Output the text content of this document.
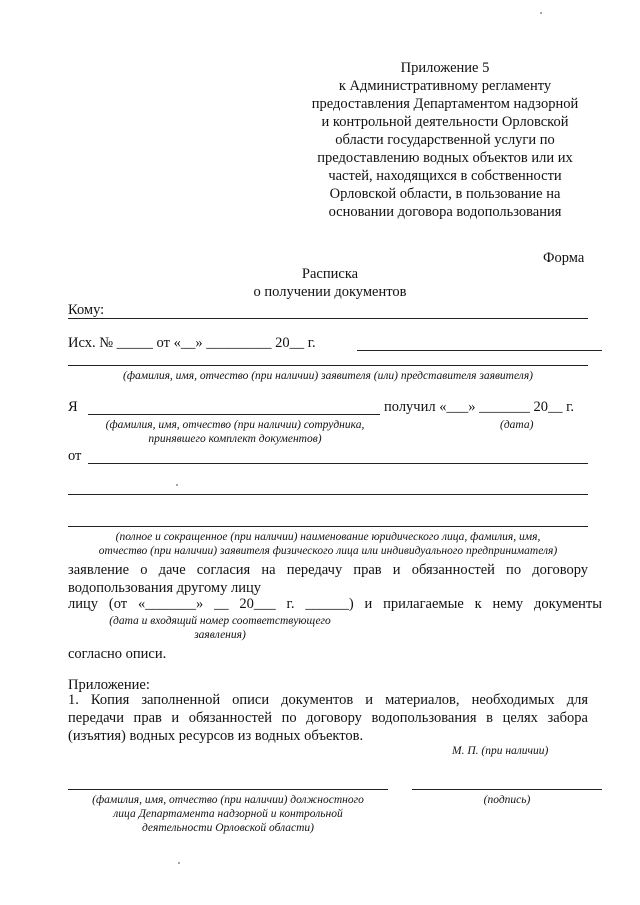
Приложение 5
к Административному регламенту
предоставления Департаментом надзорной
и контрольной деятельности Орловской
области государственной услуги по
предоставлению водных объектов или их
частей, находящихся в собственности
Орловской области, в пользование на
основании договора водопользования
Форма
Расписка
о получении документов
Кому:
Исх. № _____ от «__» _________ 20__ г.
(фамилия, имя, отчество (при наличии) заявителя (или) представителя заявителя)
Я	получил «___» _______ 20__ г.
(фамилия, имя, отчество (при наличии) сотрудника,
принявшего комплект документов)
(дата)
от
(полное и сокращенное (при наличии) наименование юридического лица, фамилия, имя,
отчество (при наличии) заявителя физического лица или индивидуального предпринимателя)
заявление о даче согласия на передачу прав и обязанностей по договору
водопользования другому лицу
лицу (от «_______» __ 20___ г. ______) и прилагаемые к нему документы
(дата и входящий номер соответствующего
заявления)
согласно описи.
Приложение:
1. Копия заполненной описи документов и материалов, необходимых для
передачи прав и обязанностей по договору водопользования в целях забора
(изъятия) водных ресурсов из водных объектов.
М. П. (при наличии)
(фамилия, имя, отчество (при наличии) должностного
лица Департамента надзорной и контрольной
деятельности Орловской области)
(подпись)
